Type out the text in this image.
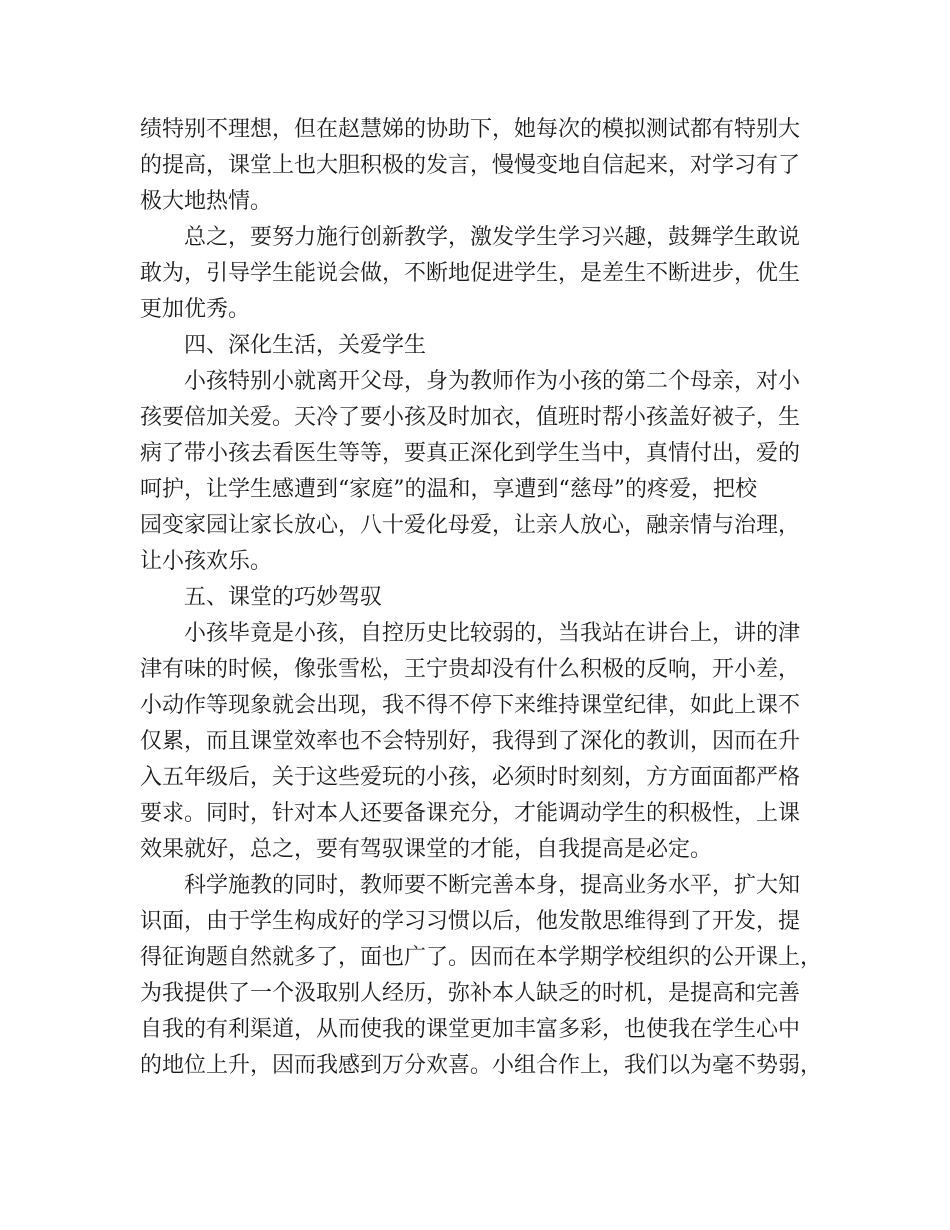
绩特别不理想，但在赵慧娣的协助下，她每次的模拟测试都有特别大

的提高，课堂上也大胆积极的发言，慢慢变地自信起来，对学习有了

极大地热情。

总之，要努力施行创新教学，激发学生学习兴趣，鼓舞学生敢说

敢为，引导学生能说会做，不断地促进学生，是差生不断进步，优生

更加优秀。

四、深化生活，关爱学生

小孩特别小就离开父母，身为教师作为小孩的第二个母亲，对小

孩要倍加关爱。天冷了要小孩及时加衣，值班时帮小孩盖好被子，生

病了带小孩去看医生等等，要真正深化到学生当中，真情付出，爱的

呵护，让学生感遭到“家庭”的温和，享遭到“慈母”的疼爱，把校

园变家园让家长放心，八十爱化母爱，让亲人放心，融亲情与治理，

让小孩欢乐。

五、课堂的巧妙驾驭

小孩毕竟是小孩，自控历史比较弱的，当我站在讲台上，讲的津

津有味的时候，像张雪松，王宁贵却没有什么积极的反响，开小差，

小动作等现象就会出现，我不得不停下来维持课堂纪律，如此上课不

仅累，而且课堂效率也不会特别好，我得到了深化的教训，因而在升

入五年级后，关于这些爱玩的小孩，必须时时刻刻，方方面面都严格

要求。同时，针对本人还要备课充分，才能调动学生的积极性，上课

效果就好，总之，要有驾驭课堂的才能，自我提高是必定。

科学施教的同时，教师要不断完善本身，提高业务水平，扩大知

识面，由于学生构成好的学习习惯以后，他发散思维得到了开发，提

得征询题自然就多了，面也广了。因而在本学期学校组织的公开课上，

为我提供了一个汲取别人经历，弥补本人缺乏的时机，是提高和完善

自我的有利渠道，从而使我的课堂更加丰富多彩，也使我在学生心中

的地位上升，因而我感到万分欢喜。小组合作上，我们以为毫不势弱，
